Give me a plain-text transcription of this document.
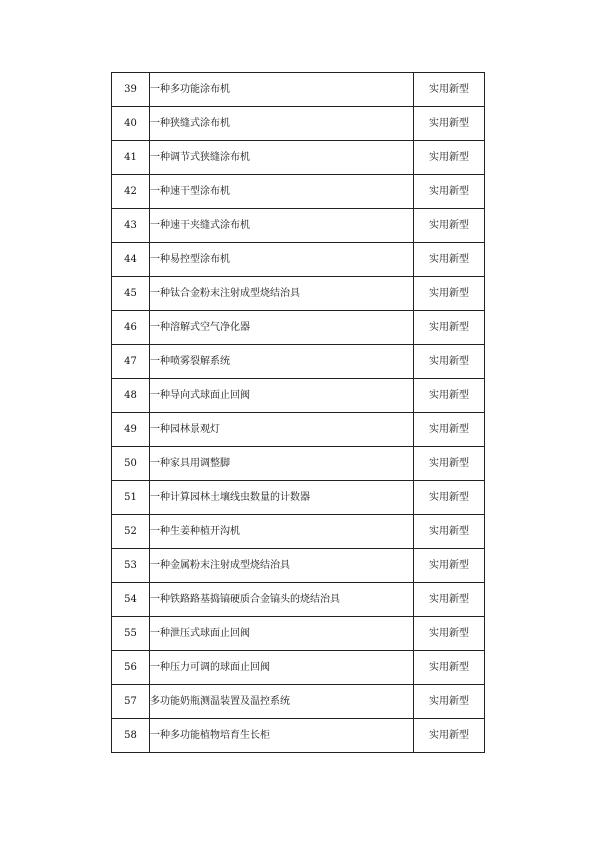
39	一种多功能涂布机	实用新型
40	一种狭缝式涂布机	实用新型
41	一种调节式狭缝涂布机	实用新型
42	一种速干型涂布机	实用新型
43	一种速干夹缝式涂布机	实用新型
44	一种易控型涂布机	实用新型
45	一种钛合金粉末注射成型烧结治具	实用新型
46	一种溶解式空气净化器	实用新型
47	一种喷雾裂解系统	实用新型
48	一种导向式球面止回阀	实用新型
49	一种园林景观灯	实用新型
50	一种家具用调整脚	实用新型
51	一种计算园林土壤线虫数量的计数器	实用新型
52	一种生姜种植开沟机	实用新型
53	一种金属粉末注射成型烧结治具	实用新型
54	一种铁路路基捣镐硬质合金镐头的烧结治具	实用新型
55	一种泄压式球面止回阀	实用新型
56	一种压力可调的球面止回阀	实用新型
57	多功能奶瓶测温装置及温控系统	实用新型
58	一种多功能植物培育生长柜	实用新型
